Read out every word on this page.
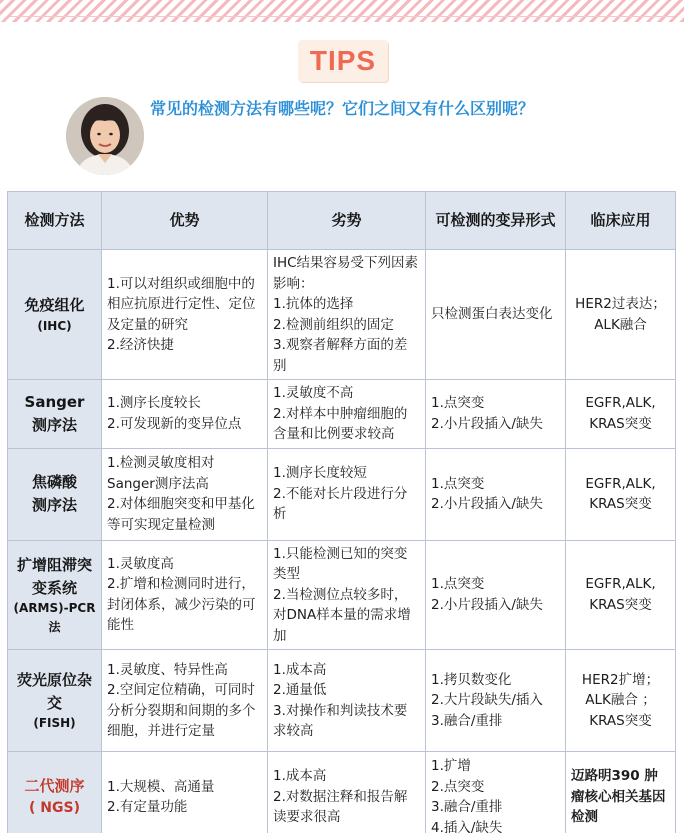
TIPS
常见的检测方法有哪些呢？它们之间又有什么区别呢？
检测方法	优势	劣势	可检测的变异形式	临床应用
免疫组化
(IHC)	1.可以对组织或细胞中的相应抗原进行定性、定位及定量的研究
2.经济快捷	IHC结果容易受下列因素影响：
1.抗体的选择
2.检测前组织的固定
3.观察者解释方面的差别	只检测蛋白表达变化	HER2过表达；
ALK融合

Sanger
测序法	1.测序长度较长
2.可发现新的变异位点	1.灵敏度不高
2.对样本中肿瘤细胞的含量和比例要求较高	1.点突变
2.小片段插入/缺失	EGFR,ALK,
KRAS突变

焦磷酸
测序法	1.检测灵敏度相对Sanger测序法高
2.对体细胞突变和甲基化等可实现定量检测	1.测序长度较短
2.不能对长片段进行分析	1.点突变
2.小片段插入/缺失	EGFR,ALK,
KRAS突变

扩增阻滞突变系统
(ARMS)-PCR法	1.灵敏度高
2.扩增和检测同时进行，封闭体系，减少污染的可能性	1.只能检测已知的突变类型
2.当检测位点较多时，对DNA样本量的需求增加	1.点突变
2.小片段插入/缺失	EGFR,ALK,
KRAS突变

荧光原位杂交
(FISH)	1.灵敏度、特异性高
2.空间定位精确，可同时分析分裂期和间期的多个细胞，并进行定量	1.成本高
2.通量低
3.对操作和判读技术要求较高	1.拷贝数变化
2.大片段缺失/插入
3.融合/重排	HER2扩增；
ALK融合 ；
KRAS突变

二代测序
( NGS)	1.大规模、高通量
2.有定量功能	1.成本高
2.对数据注释和报告解读要求很高	1.扩增
2.点突变
3.融合/重排
4.插入/缺失	迈路明390 肿瘤核心相关基因检测
